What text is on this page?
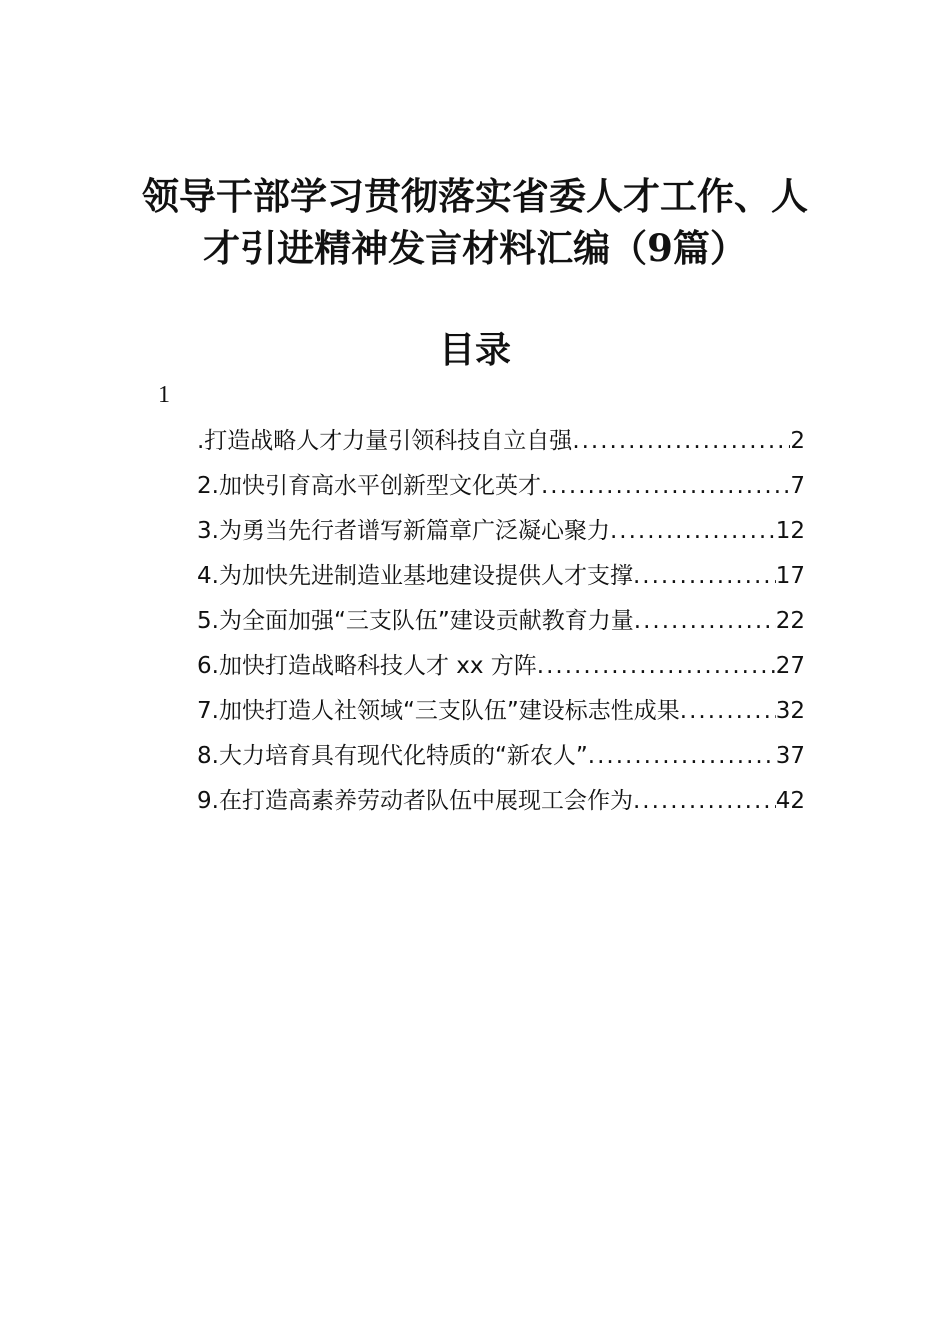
领导干部学习贯彻落实省委人才工作、人
才引进精神发言材料汇编（9篇）
目录
1
.打造战略人才力量引领科技自立自强 .....	2
2.加快引育高水平创新型文化英才 .....	7
3.为勇当先行者谱写新篇章广泛凝心聚力 .....	12
4.为加快先进制造业基地建设提供人才支撑 .....	17
5.为全面加强“三支队伍”建设贡献教育力量 .....	22
6.加快打造战略科技人才 xx 方阵 .....	27
7.加快打造人社领域“三支队伍”建设标志性成果 .....	32
8.大力培育具有现代化特质的“新农人” .....	37
9.在打造高素养劳动者队伍中展现工会作为 .....	42
